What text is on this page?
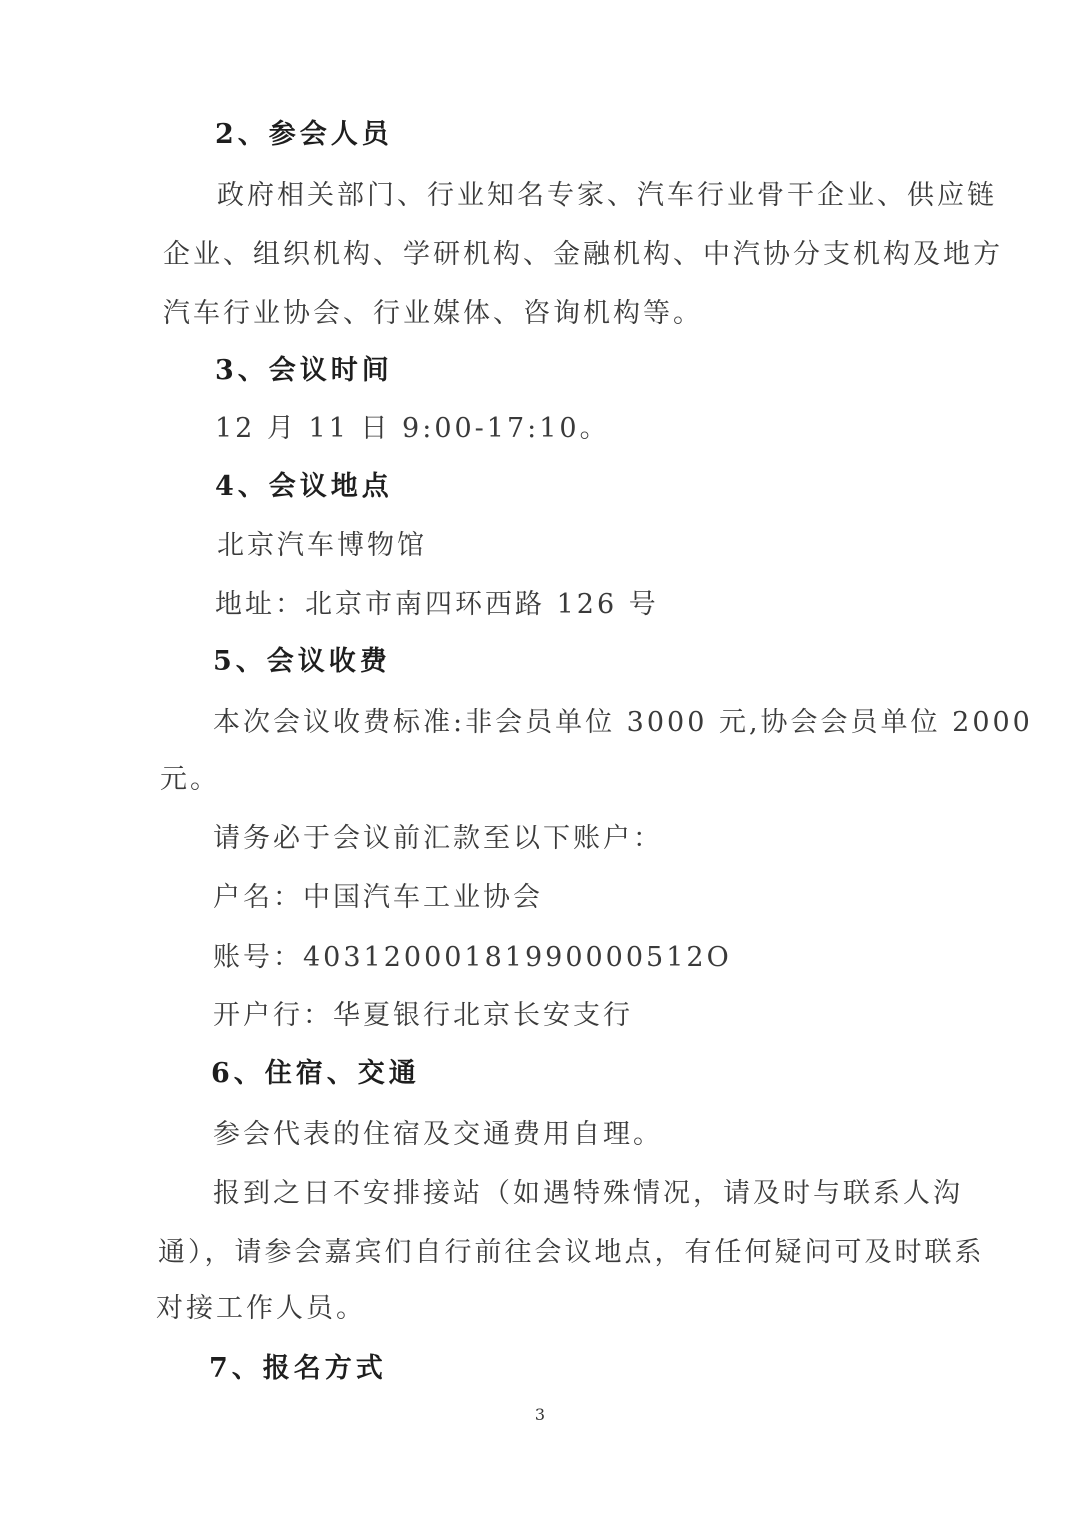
2、参会人员
政府相关部门、行业知名专家、汽车行业骨干企业、供应链
企业、组织机构、学研机构、金融机构、中汽协分支机构及地方
汽车行业协会、行业媒体、咨询机构等。
3、会议时间
12 月 11 日 9:00-17:10。
4、会议地点
北京汽车博物馆
地址：北京市南四环西路 126 号
5、会议收费
本次会议收费标准:非会员单位 3000 元,协会会员单位 2000
元。
请务必于会议前汇款至以下账户：
户名：中国汽车工业协会
账号：40312000181990000512O
开户行：华夏银行北京长安支行
6、住宿、交通
参会代表的住宿及交通费用自理。
报到之日不安排接站（如遇特殊情况，请及时与联系人沟
通），请参会嘉宾们自行前往会议地点，有任何疑问可及时联系
对接工作人员。
7、报名方式
3
